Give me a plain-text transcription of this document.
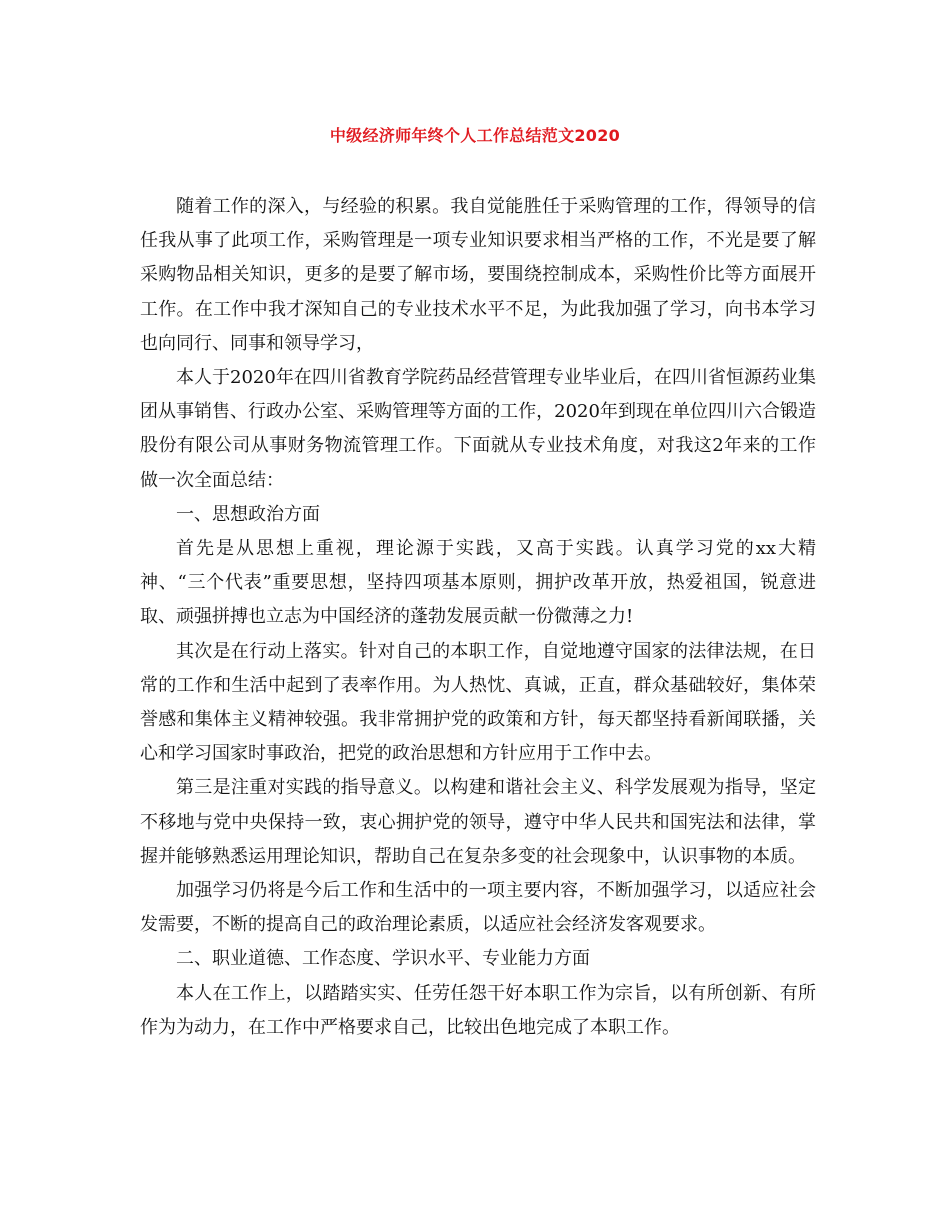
中级经济师年终个人工作总结范文2020

随着工作的深入，与经验的积累。我自觉能胜任于采购管理的工作，得领导的信任我从事了此项工作，采购管理是一项专业知识要求相当严格的工作，不光是要了解采购物品相关知识，更多的是要了解市场，要围绕控制成本，采购性价比等方面展开工作。在工作中我才深知自己的专业技术水平不足，为此我加强了学习，向书本学习也向同行、同事和领导学习，

本人于2020年在四川省教育学院药品经营管理专业毕业后，在四川省恒源药业集团从事销售、行政办公室、采购管理等方面的工作，2020年到现在单位四川六合锻造股份有限公司从事财务物流管理工作。下面就从专业技术角度，对我这2年来的工作做一次全面总结：

一、思想政治方面

首先是从思想上重视，理论源于实践，又高于实践。认真学习党的xx大精神、“三个代表”重要思想，坚持四项基本原则，拥护改革开放，热爱祖国，锐意进取、顽强拼搏也立志为中国经济的蓬勃发展贡献一份微薄之力!

其次是在行动上落实。针对自己的本职工作，自觉地遵守国家的法律法规，在日常的工作和生活中起到了表率作用。为人热忱、真诚，正直，群众基础较好，集体荣誉感和集体主义精神较强。我非常拥护党的政策和方针，每天都坚持看新闻联播，关心和学习国家时事政治，把党的政治思想和方针应用于工作中去。

第三是注重对实践的指导意义。以构建和谐社会主义、科学发展观为指导，坚定不移地与党中央保持一致，衷心拥护党的领导，遵守中华人民共和国宪法和法律，掌握并能够熟悉运用理论知识，帮助自己在复杂多变的社会现象中，认识事物的本质。

加强学习仍将是今后工作和生活中的一项主要内容，不断加强学习，以适应社会发需要，不断的提高自己的政治理论素质，以适应社会经济发客观要求。

二、职业道德、工作态度、学识水平、专业能力方面

本人在工作上，以踏踏实实、任劳任怨干好本职工作为宗旨，以有所创新、有所作为为动力，在工作中严格要求自己，比较出色地完成了本职工作。
